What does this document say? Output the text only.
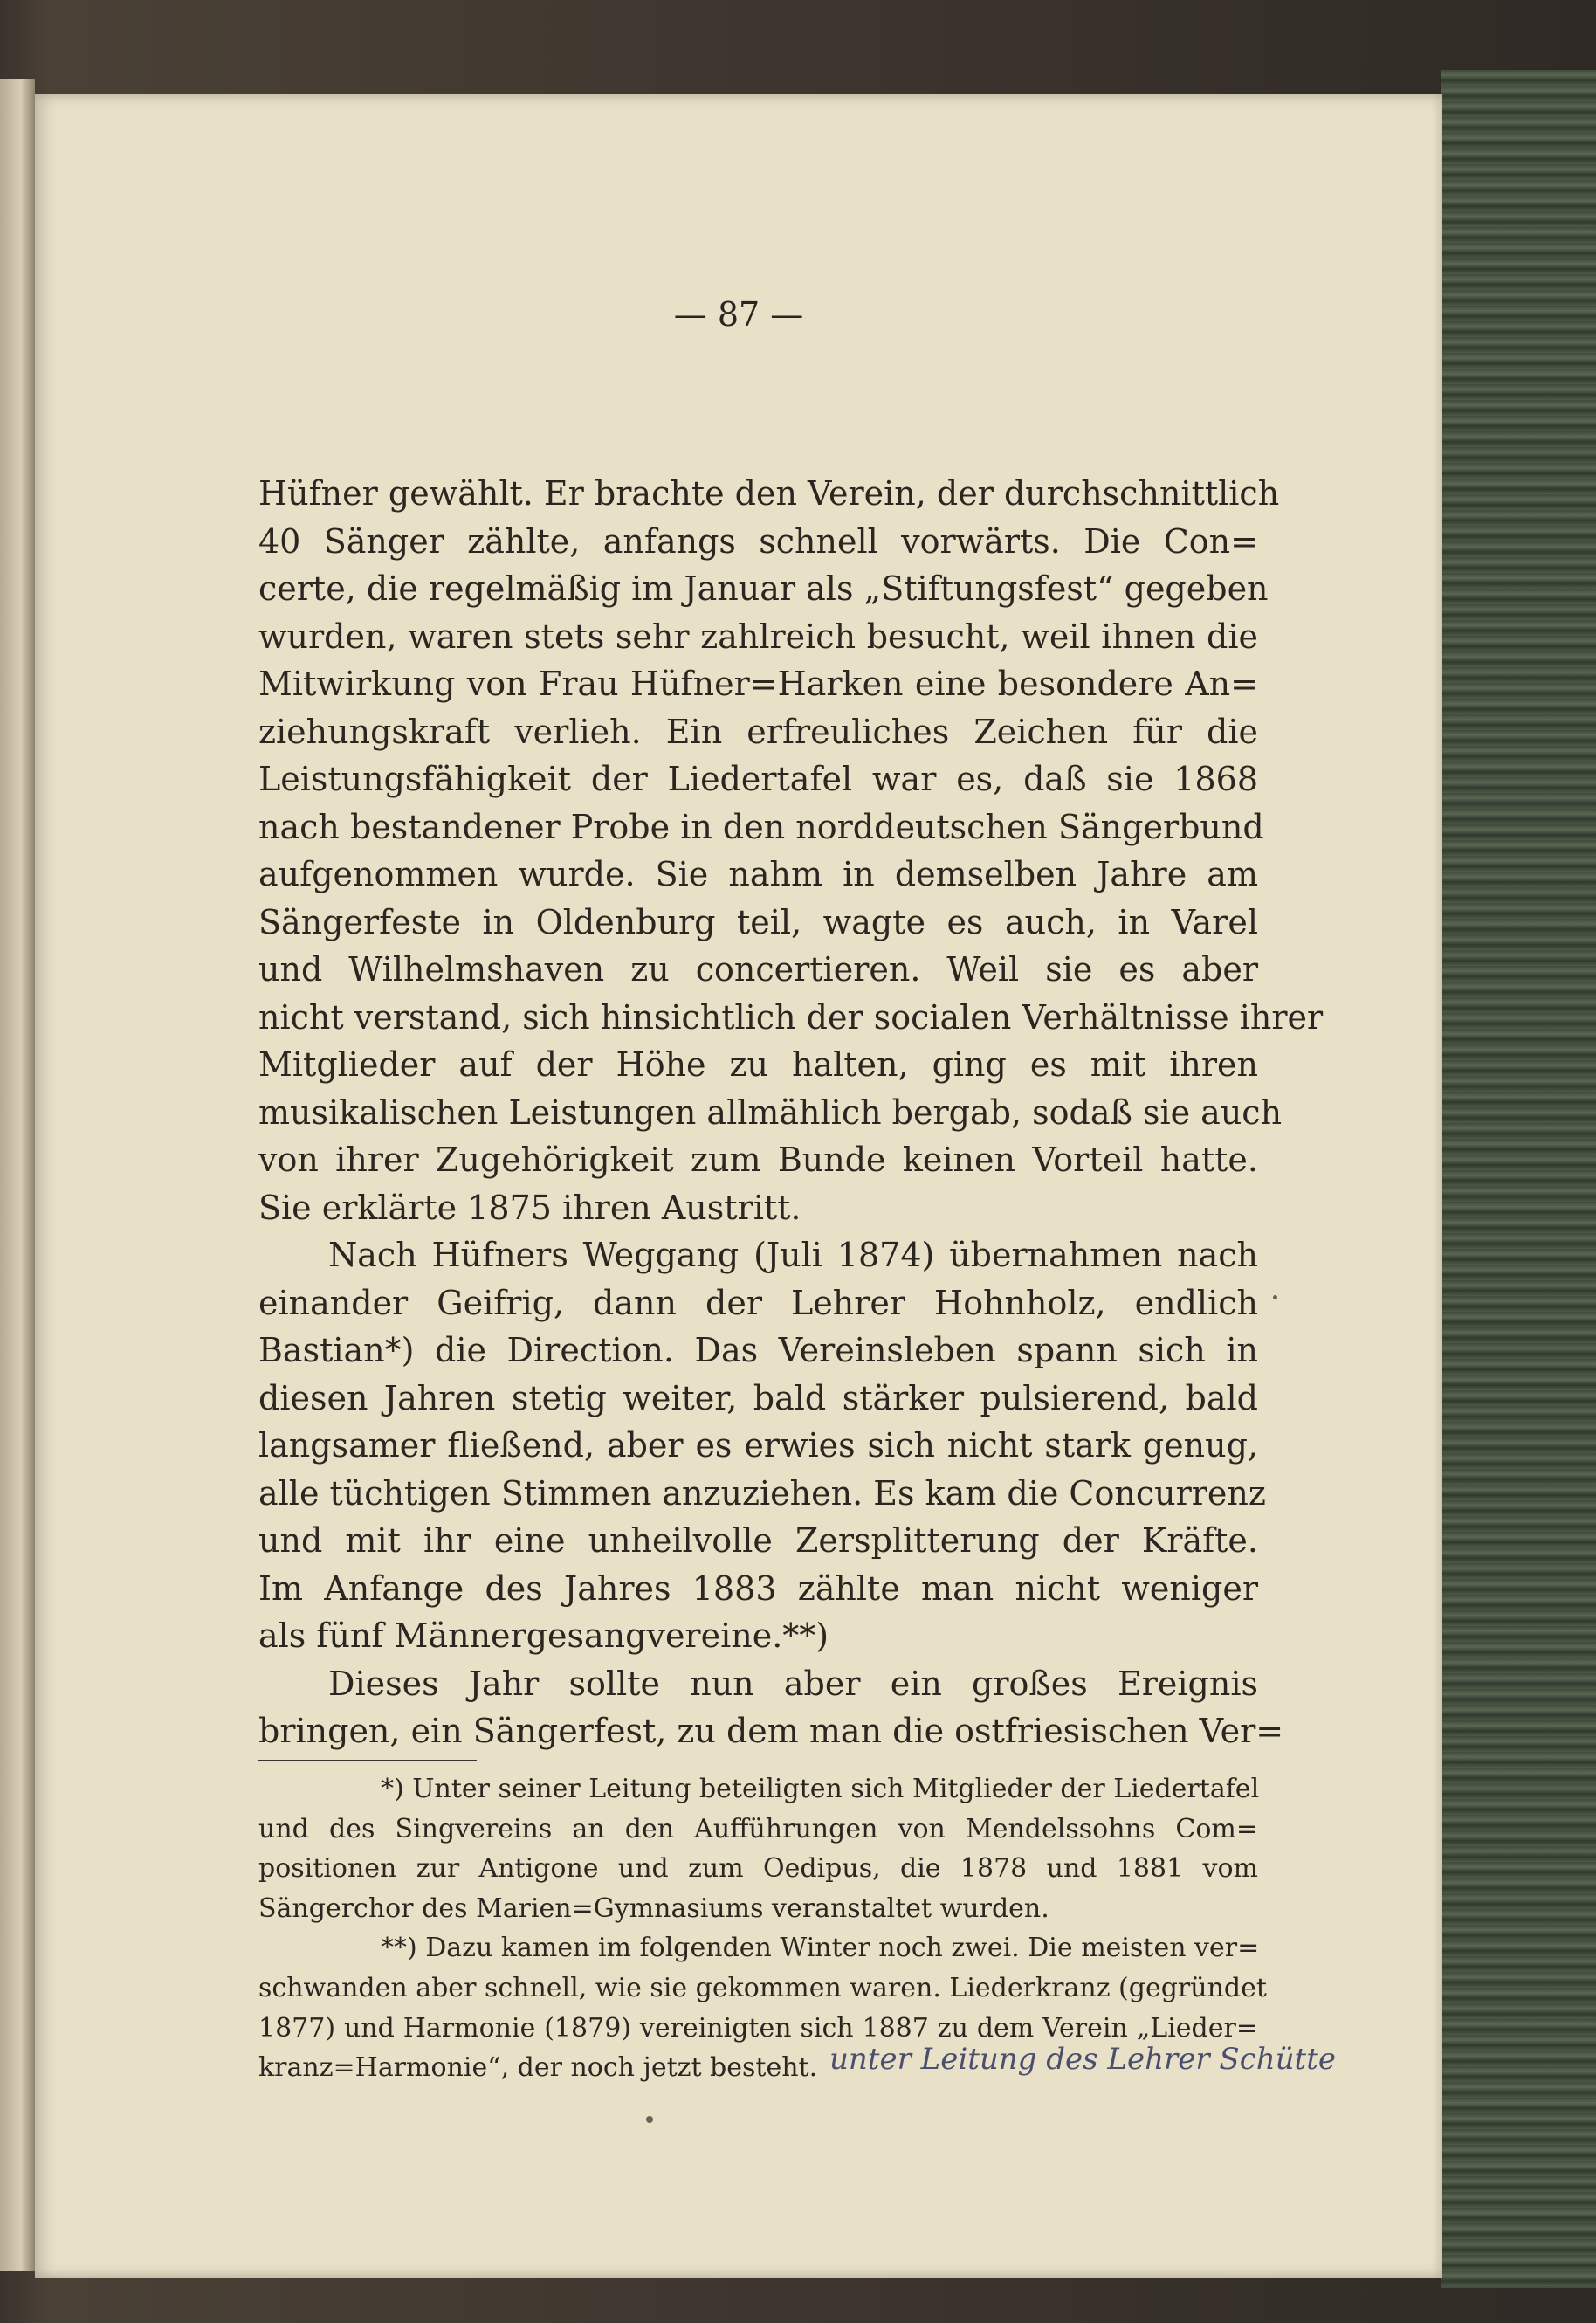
— 87 —
Hüfner gewählt. Er brachte den Verein, der durchschnittlich
40 Sänger zählte, anfangs schnell vorwärts. Die Con=
certe, die regelmäßig im Januar als „Stiftungsfest“ gegeben
wurden, waren stets sehr zahlreich besucht, weil ihnen die
Mitwirkung von Frau Hüfner=Harken eine besondere An=
ziehungskraft verlieh. Ein erfreuliches Zeichen für die
Leistungsfähigkeit der Liedertafel war es, daß sie 1868
nach bestandener Probe in den norddeutschen Sängerbund
aufgenommen wurde. Sie nahm in demselben Jahre am
Sängerfeste in Oldenburg teil, wagte es auch, in Varel
und Wilhelmshaven zu concertieren. Weil sie es aber
nicht verstand, sich hinsichtlich der socialen Verhältnisse ihrer
Mitglieder auf der Höhe zu halten, ging es mit ihren
musikalischen Leistungen allmählich bergab, sodaß sie auch
von ihrer Zugehörigkeit zum Bunde keinen Vorteil hatte.
Sie erklärte 1875 ihren Austritt.
Nach Hüfners Weggang (Juli 1874) übernahmen nach
einander Geifrig, dann der Lehrer Hohnholz, endlich
Bastian*) die Direction. Das Vereinsleben spann sich in
diesen Jahren stetig weiter, bald stärker pulsierend, bald
langsamer fließend, aber es erwies sich nicht stark genug,
alle tüchtigen Stimmen anzuziehen. Es kam die Concurrenz
und mit ihr eine unheilvolle Zersplitterung der Kräfte.
Im Anfange des Jahres 1883 zählte man nicht weniger
als fünf Männergesangvereine.**)
Dieses Jahr sollte nun aber ein großes Ereignis
bringen, ein Sängerfest, zu dem man die ostfriesischen Ver=
*) Unter seiner Leitung beteiligten sich Mitglieder der Liedertafel
und des Singvereins an den Aufführungen von Mendelssohns Com=
positionen zur Antigone und zum Oedipus, die 1878 und 1881 vom
Sängerchor des Marien=Gymnasiums veranstaltet wurden.
**) Dazu kamen im folgenden Winter noch zwei. Die meisten ver=
schwanden aber schnell, wie sie gekommen waren. Liederkranz (gegründet
1877) und Harmonie (1879) vereinigten sich 1887 zu dem Verein „Lieder=
kranz=Harmonie“, der noch jetzt besteht. unter Leitung des Lehrer Schütte
